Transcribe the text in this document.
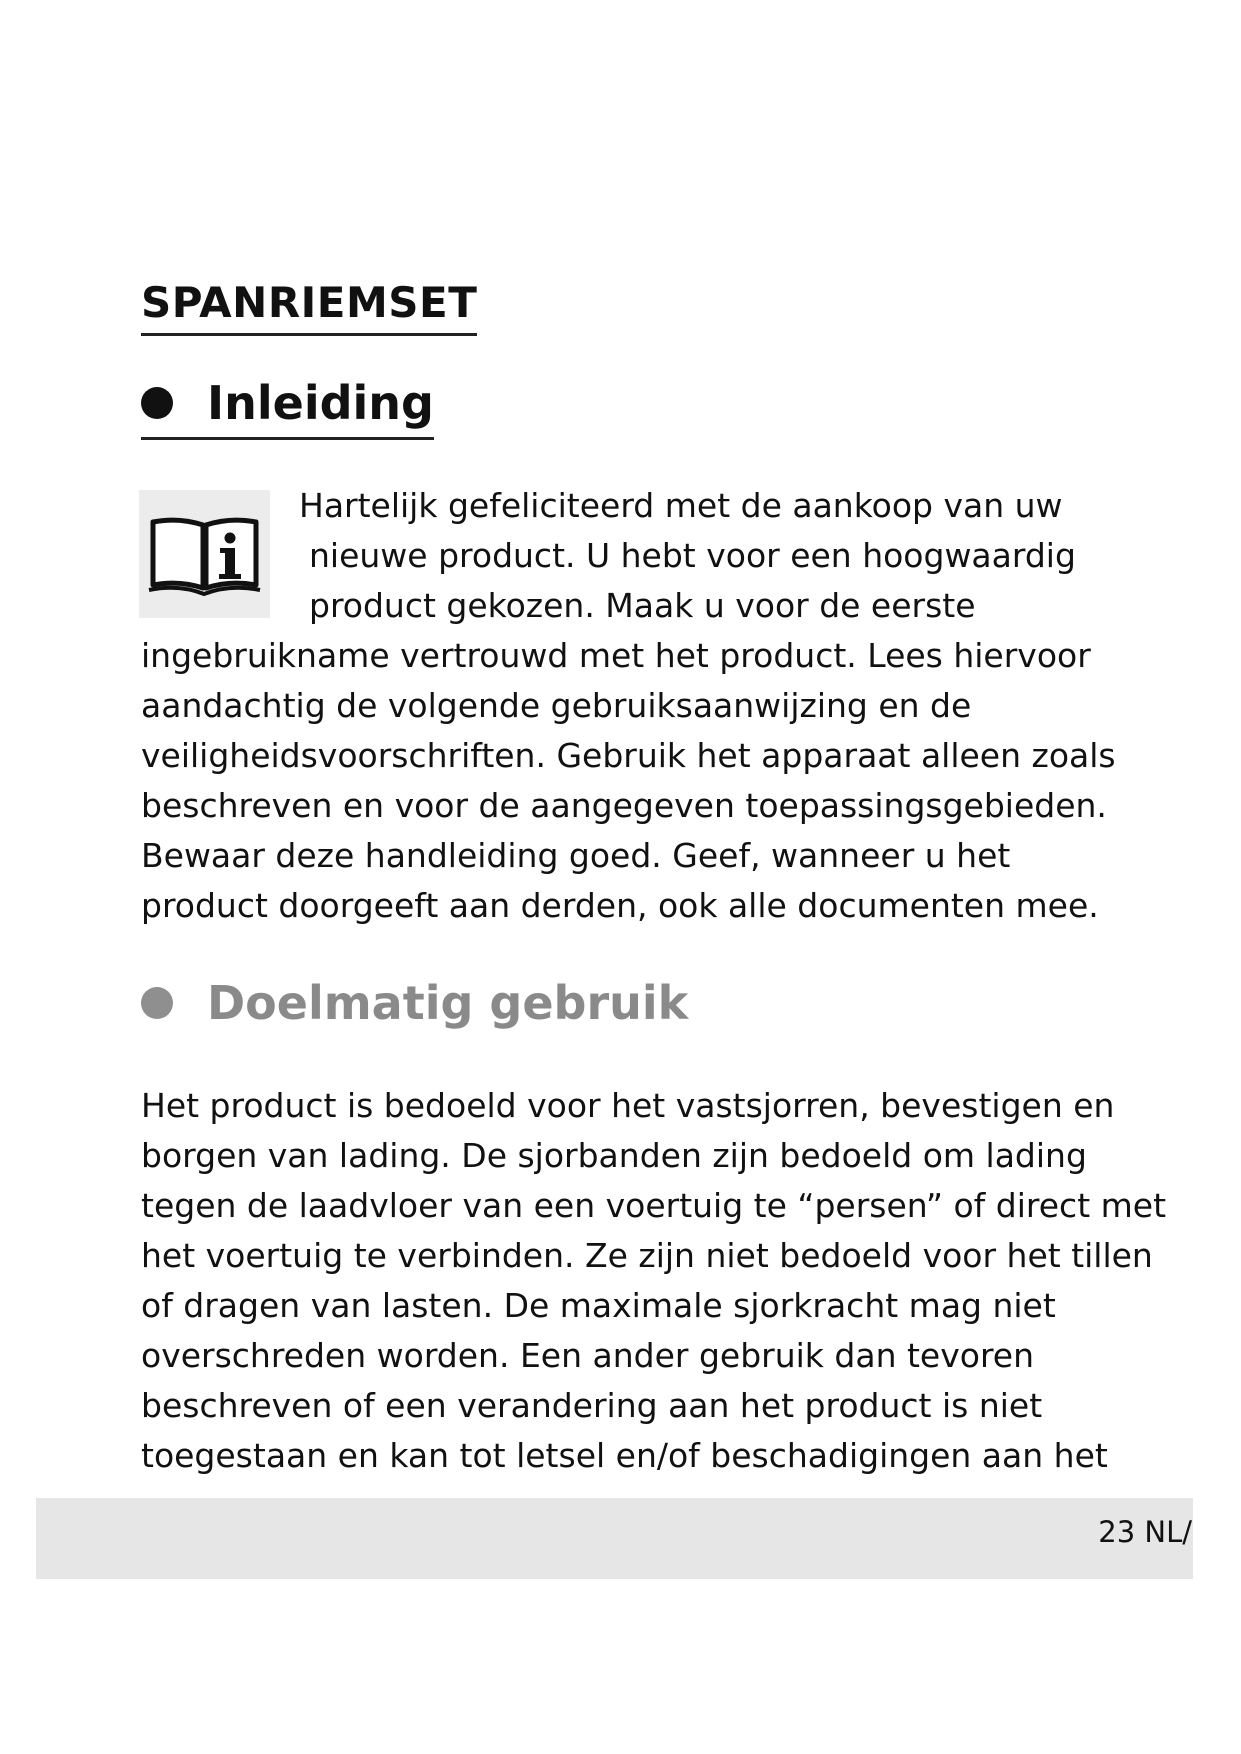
SPANRIEMSET
Inleiding
Hartelijk gefeliciteerd met de aankoop van uw
nieuwe product. U hebt voor een hoogwaardig
product gekozen. Maak u voor de eerste
ingebruikname vertrouwd met het product. Lees hiervoor
aandachtig de volgende gebruiksaanwijzing en de
veiligheidsvoorschriften. Gebruik het apparaat alleen zoals
beschreven en voor de aangegeven toepassingsgebieden.
Bewaar deze handleiding goed. Geef, wanneer u het
product doorgeeft aan derden, ook alle documenten mee.
Doelmatig gebruik
Het product is bedoeld voor het vastsjorren, bevestigen en
borgen van lading. De sjorbanden zijn bedoeld om lading
tegen de laadvloer van een voertuig te “persen” of direct met
het voertuig te verbinden. Ze zijn niet bedoeld voor het tillen
of dragen van lasten. De maximale sjorkracht mag niet
overschreden worden. Een ander gebruik dan tevoren
beschreven of een verandering aan het product is niet
toegestaan en kan tot letsel en/of beschadigingen aan het
23 NL/
